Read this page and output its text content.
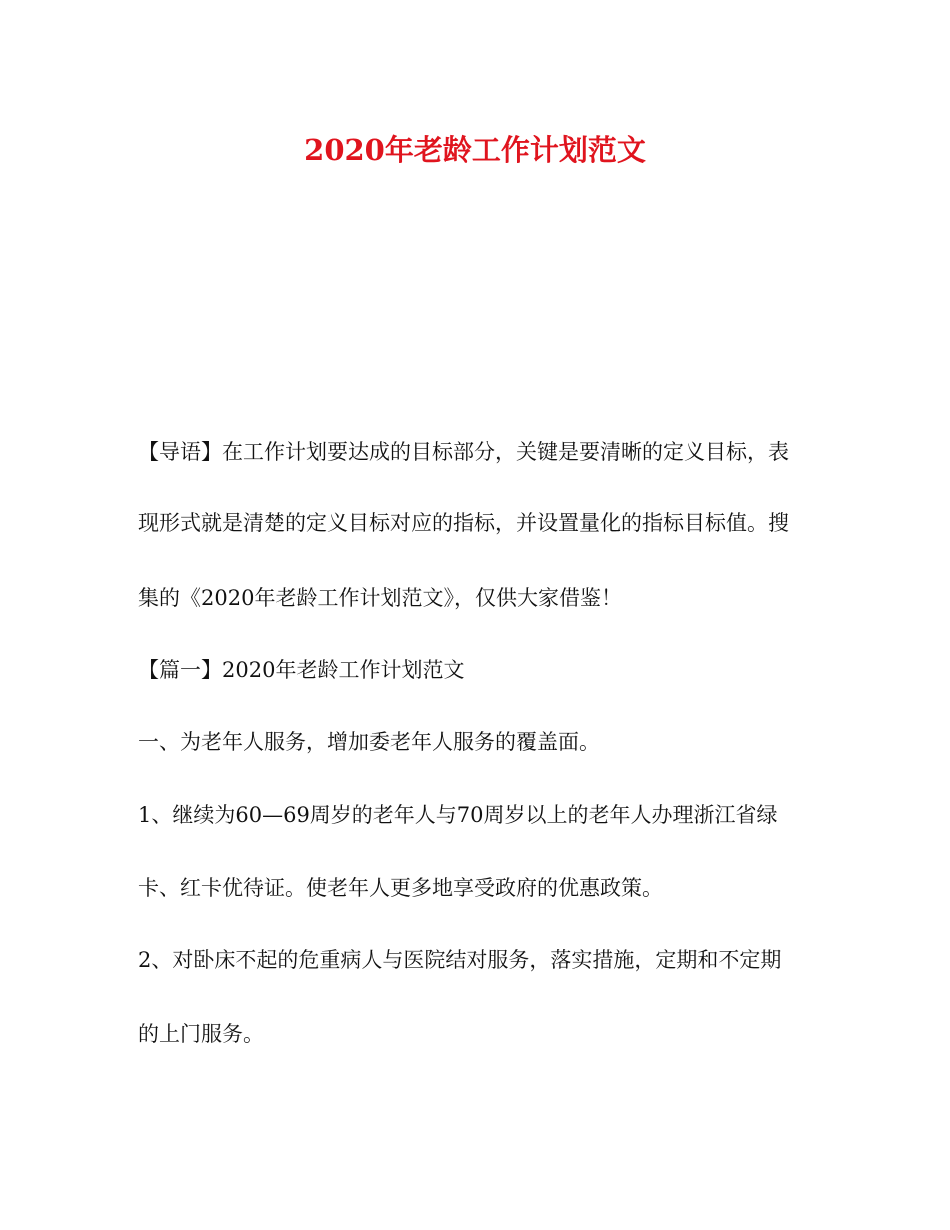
2020年老龄工作计划范文
【导语】在工作计划要达成的目标部分，关键是要清晰的定义目标，表
现形式就是清楚的定义目标对应的指标，并设置量化的指标目标值。搜
集的《2020年老龄工作计划范文》，仅供大家借鉴！
【篇一】2020年老龄工作计划范文
一、为老年人服务，增加委老年人服务的覆盖面。
1、继续为60—69周岁的老年人与70周岁以上的老年人办理浙江省绿
卡、红卡优待证。使老年人更多地享受政府的优惠政策。
2、对卧床不起的危重病人与医院结对服务，落实措施，定期和不定期
的上门服务。
